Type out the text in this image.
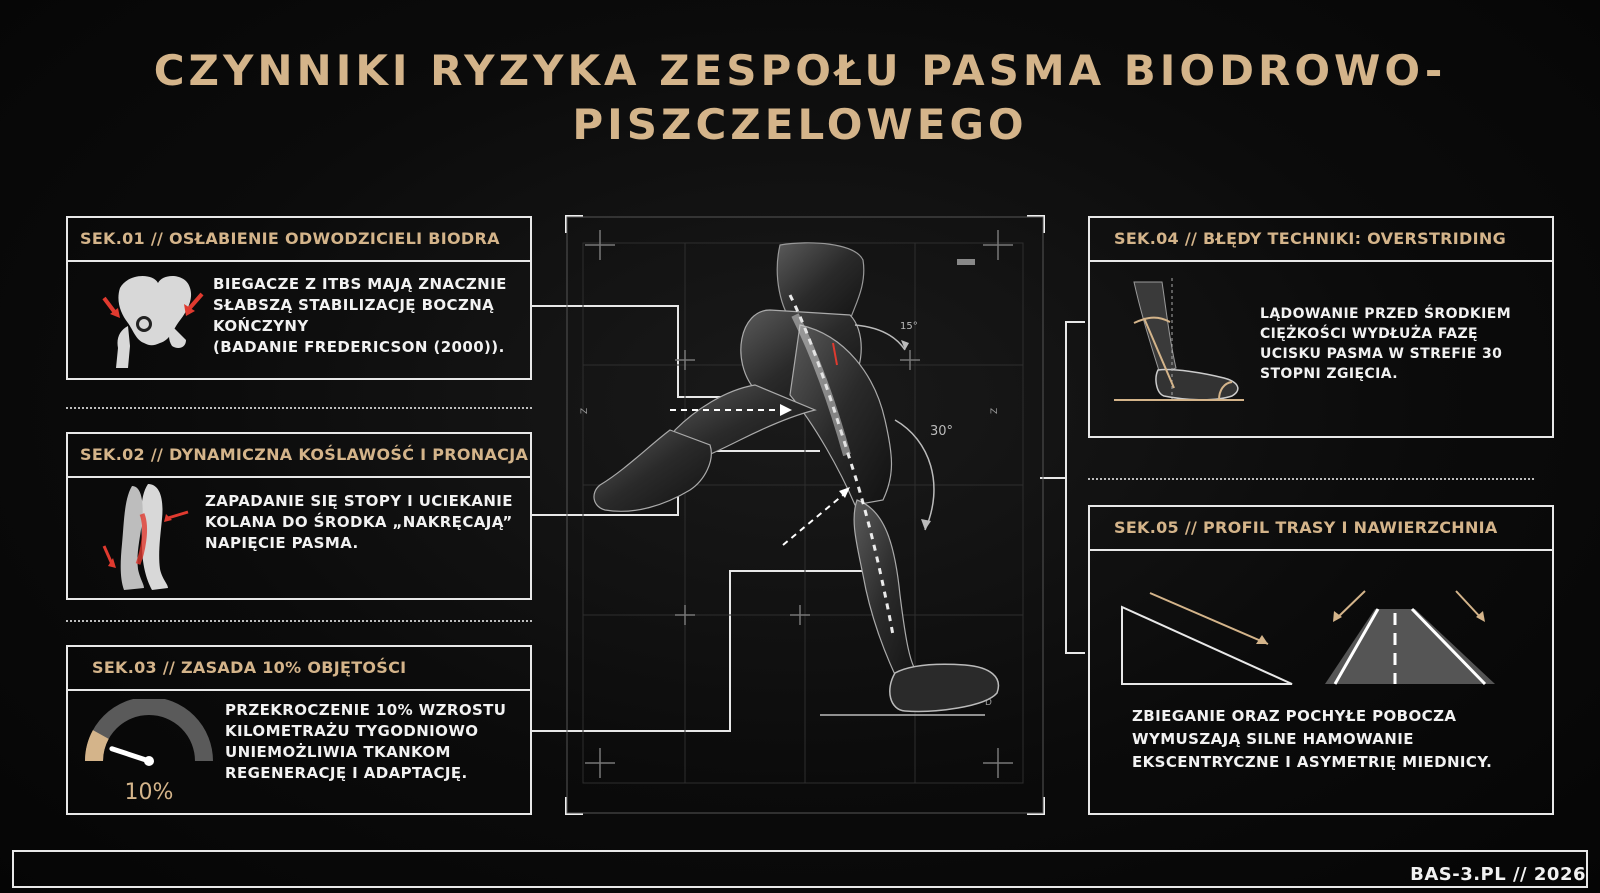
CZYNNIKI RYZYKA ZESPOŁU PASMA BIODROWO-
PISZCZELOWEGO
Z	Z
D
15°
30°
SEK.01 // OSŁABIENIE ODWODZICIELI BIODRA
BIEGACZE Z ITBS MAJĄ ZNACZNIE
SŁABSZĄ STABILIZACJĘ BOCZNĄ
KOŃCZYNY
(BADANIE FREDERICSON (2000)).
SEK.02 // DYNAMICZNA KOŚLAWOŚĆ I PRONACJA
ZAPADANIE SIĘ STOPY I UCIEKANIE
KOLANA DO ŚRODKA „NAKRĘCAJĄ”
NAPIĘCIE PASMA.
SEK.03 // ZASADA 10% OBJĘTOŚCI
10%
PRZEKROCZENIE 10% WZROSTU
KILOMETRAŻU TYGODNIOWO
UNIEMOŻLIWIA TKANKOM
REGENERACJĘ I ADAPTACJĘ.
SEK.04 // BŁĘDY TECHNIKI: OVERSTRIDING
LĄDOWANIE PRZED ŚRODKIEM
CIĘŻKOŚCI WYDŁUŻA FAZĘ
UCISKU PASMA W STREFIE 30
STOPNI ZGIĘCIA.
SEK.05 // PROFIL TRASY I NAWIERZCHNIA
ZBIEGANIE ORAZ POCHYŁE POBOCZA
WYMUSZAJĄ SILNE HAMOWANIE
EKSCENTRYCZNE I ASYMETRIĘ MIEDNICY.
BAS-3.PL // 2026
